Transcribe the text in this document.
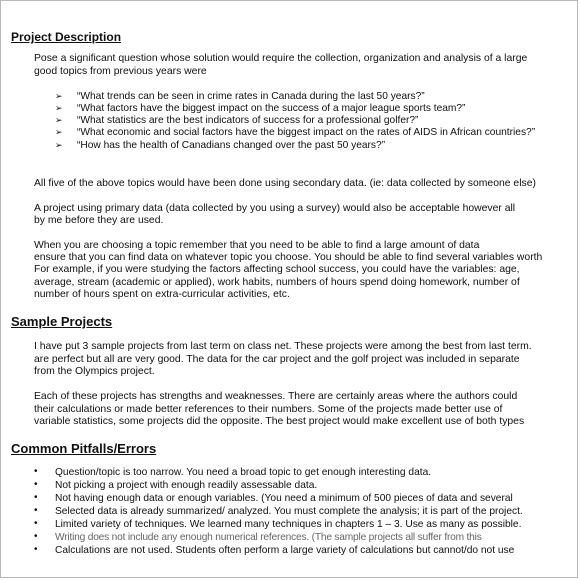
Project Description
Pose a significant question whose solution would require the collection, organization and analysis of a large
good topics from previous years were
➢ “What trends can be seen in crime rates in Canada during the last 50 years?”
➢ “What factors have the biggest impact on the success of a major league sports team?”
➢ “What statistics are the best indicators of success for a professional golfer?”
➢ “What economic and social factors have the biggest impact on the rates of AIDS in African countries?”
➢ “How has the health of Canadians changed over the past 50 years?”
All five of the above topics would have been done using secondary data. (ie: data collected by someone else)
A project using primary data (data collected by you using a survey) would also be acceptable however all
by me before they are used.
When you are choosing a topic remember that you need to be able to find a large amount of data
ensure that you can find data on whatever topic you choose. You should be able to find several variables worth
For example, if you were studying the factors affecting school success, you could have the variables: age,
average, stream (academic or applied), work habits, numbers of hours spend doing homework, number of
number of hours spent on extra-curricular activities, etc.
Sample Projects
I have put 3 sample projects from last term on class net. These projects were among the best from last term.
are perfect but all are very good. The data for the car project and the golf project was included in separate
from the Olympics project.
Each of these projects has strengths and weaknesses. There are certainly areas where the authors could
their calculations or made better references to their numbers. Some of the projects made better use of
variable statistics, some projects did the opposite. The best project would make excellent use of both types
Common Pitfalls/Errors
• Question/topic is too narrow. You need a broad topic to get enough interesting data.
• Not picking a project with enough readily assessable data.
• Not having enough data or enough variables. (You need a minimum of 500 pieces of data and several
• Selected data is already summarized/ analyzed. You must complete the analysis; it is part of the project.
• Limited variety of techniques. We learned many techniques in chapters 1 – 3. Use as many as possible.
• Writing does not include any enough numerical references. (The sample projects all suffer from this
• Calculations are not used. Students often perform a large variety of calculations but cannot/do not use
